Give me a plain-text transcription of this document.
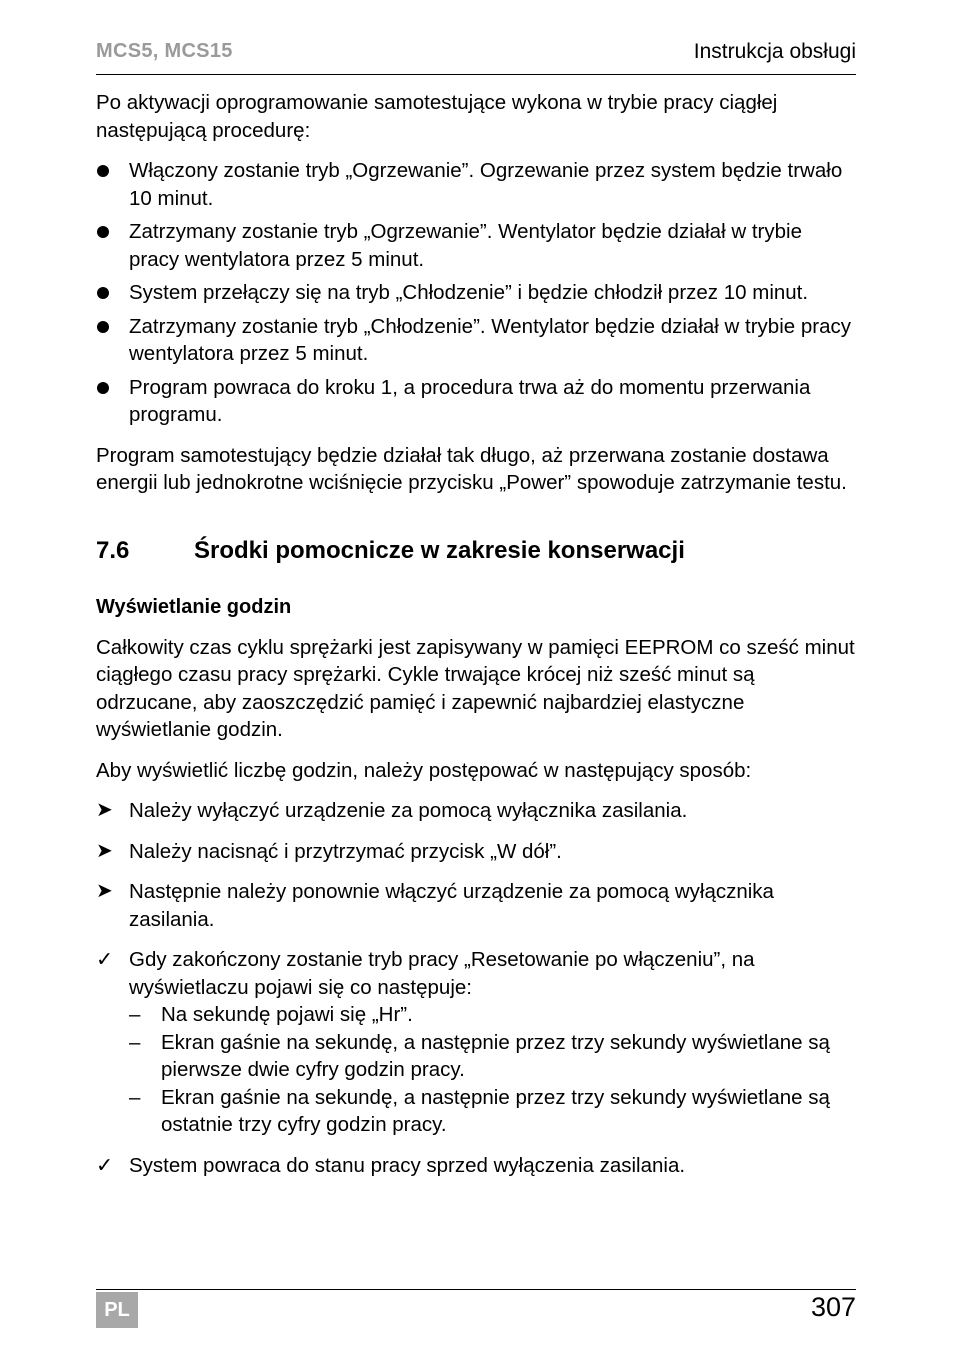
MCS5, MCS15	Instrukcja obsługi

Po aktywacji oprogramowanie samotestujące wykona w trybie pracy ciągłej następującą procedurę:

Włączony zostanie tryb „Ogrzewanie”. Ogrzewanie przez system będzie trwało 10 minut.
Zatrzymany zostanie tryb „Ogrzewanie”. Wentylator będzie działał w trybie pracy wentylatora przez 5 minut.
System przełączy się na tryb „Chłodzenie” i będzie chłodził przez 10 minut.
Zatrzymany zostanie tryb „Chłodzenie”. Wentylator będzie działał w trybie pracy wentylatora przez 5 minut.
Program powraca do kroku 1, a procedura trwa aż do momentu przerwania programu.

Program samotestujący będzie działał tak długo, aż przerwana zostanie dostawa energii lub jednokrotne wciśnięcie przycisku „Power” spowoduje zatrzymanie testu.

7.6	Środki pomocnicze w zakresie konserwacji

Wyświetlanie godzin

Całkowity czas cyklu sprężarki jest zapisywany w pamięci EEPROM co sześć minut ciągłego czasu pracy sprężarki. Cykle trwające krócej niż sześć minut są odrzucane, aby zaoszczędzić pamięć i zapewnić najbardziej elastyczne wyświetlanie godzin.

Aby wyświetlić liczbę godzin, należy postępować w następujący sposób:

➤ Należy wyłączyć urządzenie za pomocą wyłącznika zasilania.
➤ Należy nacisnąć i przytrzymać przycisk „W dół”.
➤ Następnie należy ponownie włączyć urządzenie za pomocą wyłącznika zasilania.
✓ Gdy zakończony zostanie tryb pracy „Resetowanie po włączeniu”, na wyświetlaczu pojawi się co następuje:
–	Na sekundę pojawi się „Hr”.
–	Ekran gaśnie na sekundę, a następnie przez trzy sekundy wyświetlane są pierwsze dwie cyfry godzin pracy.
–	Ekran gaśnie na sekundę, a następnie przez trzy sekundy wyświetlane są ostatnie trzy cyfry godzin pracy.
✓ System powraca do stanu pracy sprzed wyłączenia zasilania.
PL	307
